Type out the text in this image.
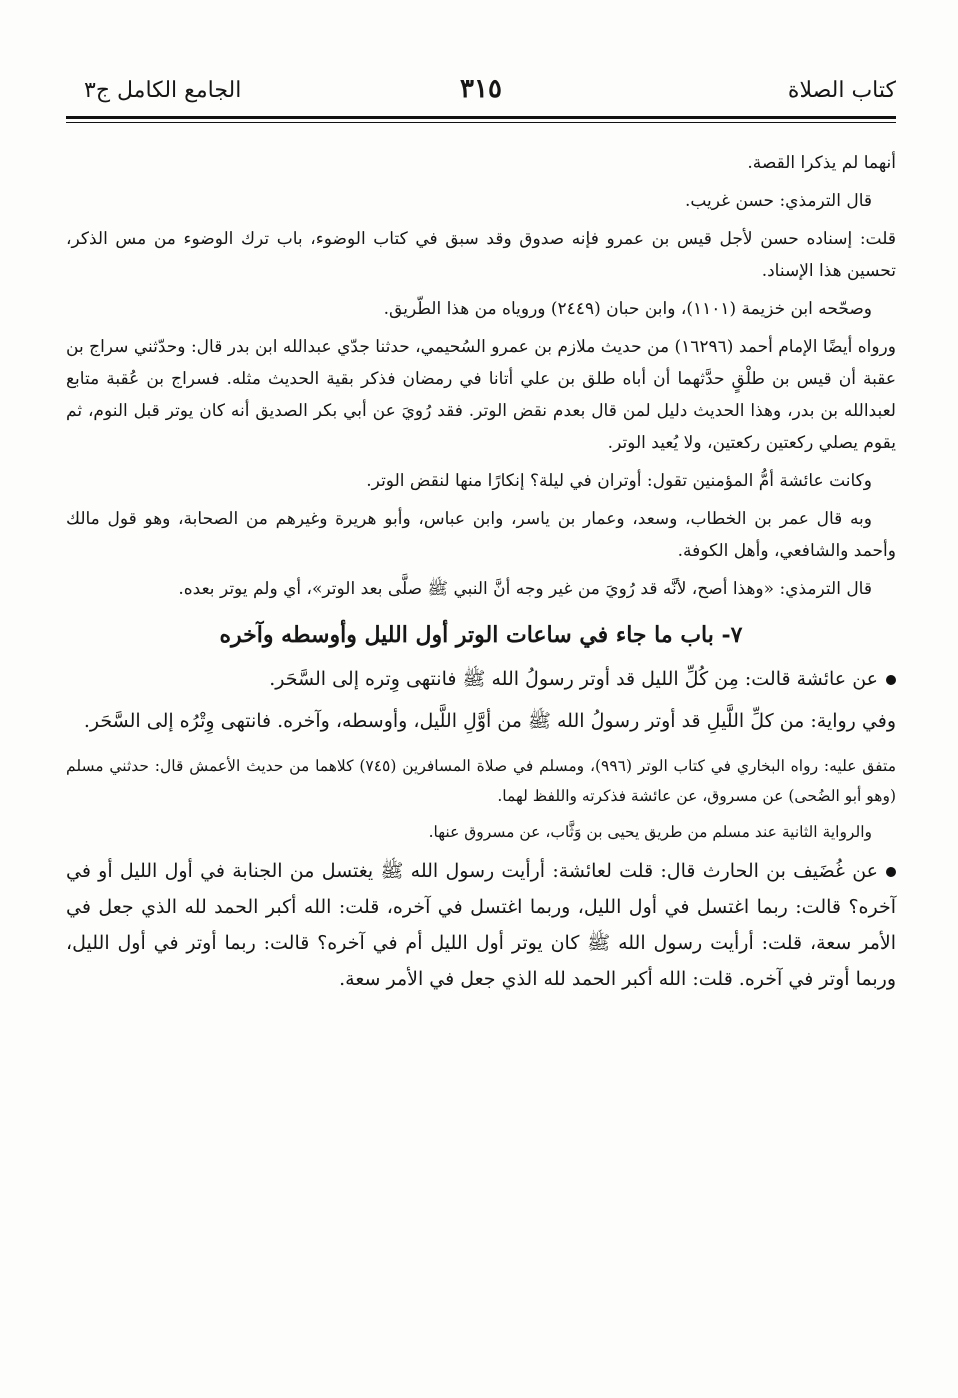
كتاب الصلاة
٣١٥
الجامع الكامل ج٣

أنهما لم يذكرا القصة.

قال الترمذي: حسن غريب.

قلت: إسناده حسن لأجل قيس بن عمرو فإنه صدوق وقد سبق في كتاب الوضوء، باب ترك الوضوء من مس الذكر، تحسين هذا الإسناد.

وصحّحه ابن خزيمة (١١٠١)، وابن حبان (٢٤٤٩) وروياه من هذا الطّريق.

ورواه أيضًا الإمام أحمد (١٦٢٩٦) من حديث ملازم بن عمرو السُحيمي، حدثنا جدّي عبدالله ابن بدر قال: وحدّثني سراج بن عقبة أن قيس بن طلْقٍ حدَّثهما أن أباه طلق بن علي أتانا في رمضان فذكر بقية الحديث مثله. فسراج بن عُقبة متابع لعبدالله بن بدر، وهذا الحديث دليل لمن قال بعدم نقض الوتر. فقد رُويَ عن أبي بكر الصديق أنه كان يوتر قبل النوم، ثم يقوم يصلي ركعتين ركعتين، ولا يُعيد الوتر.

وكانت عائشة أمُّ المؤمنين تقول: أوتران في ليلة؟ إنكارًا منها لنقض الوتر.

وبه قال عمر بن الخطاب، وسعد، وعمار بن ياسر، وابن عباس، وأبو هريرة وغيرهم من الصحابة، وهو قول مالك وأحمد والشافعي، وأهل الكوفة.

قال الترمذي: «وهذا أصح، لأنَّه قد رُويَ من غير وجه أنَّ النبي ﷺ صلَّى بعد الوتر»، أي ولم يوتر بعده.

٧- باب ما جاء في ساعات الوتر أول الليل وأوسطه وآخره

عن عائشة قالت: مِن كُلِّ الليل قد أوتر رسولُ الله ﷺ فانتهى وِتره إلى السَّحَر.

وفي رواية: من كلِّ اللَّيلِ قد أوتر رسولُ الله ﷺ من أوَّلِ اللَّيل، وأوسطه، وآخره. فانتهى وِتْرُه إلى السَّحَر.

متفق عليه: رواه البخاري في كتاب الوتر (٩٩٦)، ومسلم في صلاة المسافرين (٧٤٥) كلاهما من حديث الأعمش قال: حدثني مسلم (وهو أبو الضُحى) عن مسروق، عن عائشة فذكرته واللفظ لهما.

والرواية الثانية عند مسلم من طريق يحيى بن وَثَّاب، عن مسروق عنها.

عن غُضَيف بن الحارث قال: قلت لعائشة: أرأيت رسول الله ﷺ يغتسل من الجنابة في أول الليل أو في آخره؟ قالت: ربما اغتسل في أول الليل، وربما اغتسل في آخره، قلت: الله أكبر الحمد لله الذي جعل في الأمر سعة، قلت: أرأيت رسول الله ﷺ كان يوتر أول الليل أم في آخره؟ قالت: ربما أوتر في أول الليل، وربما أوتر في آخره. قلت: الله أكبر الحمد لله الذي جعل في الأمر سعة.
